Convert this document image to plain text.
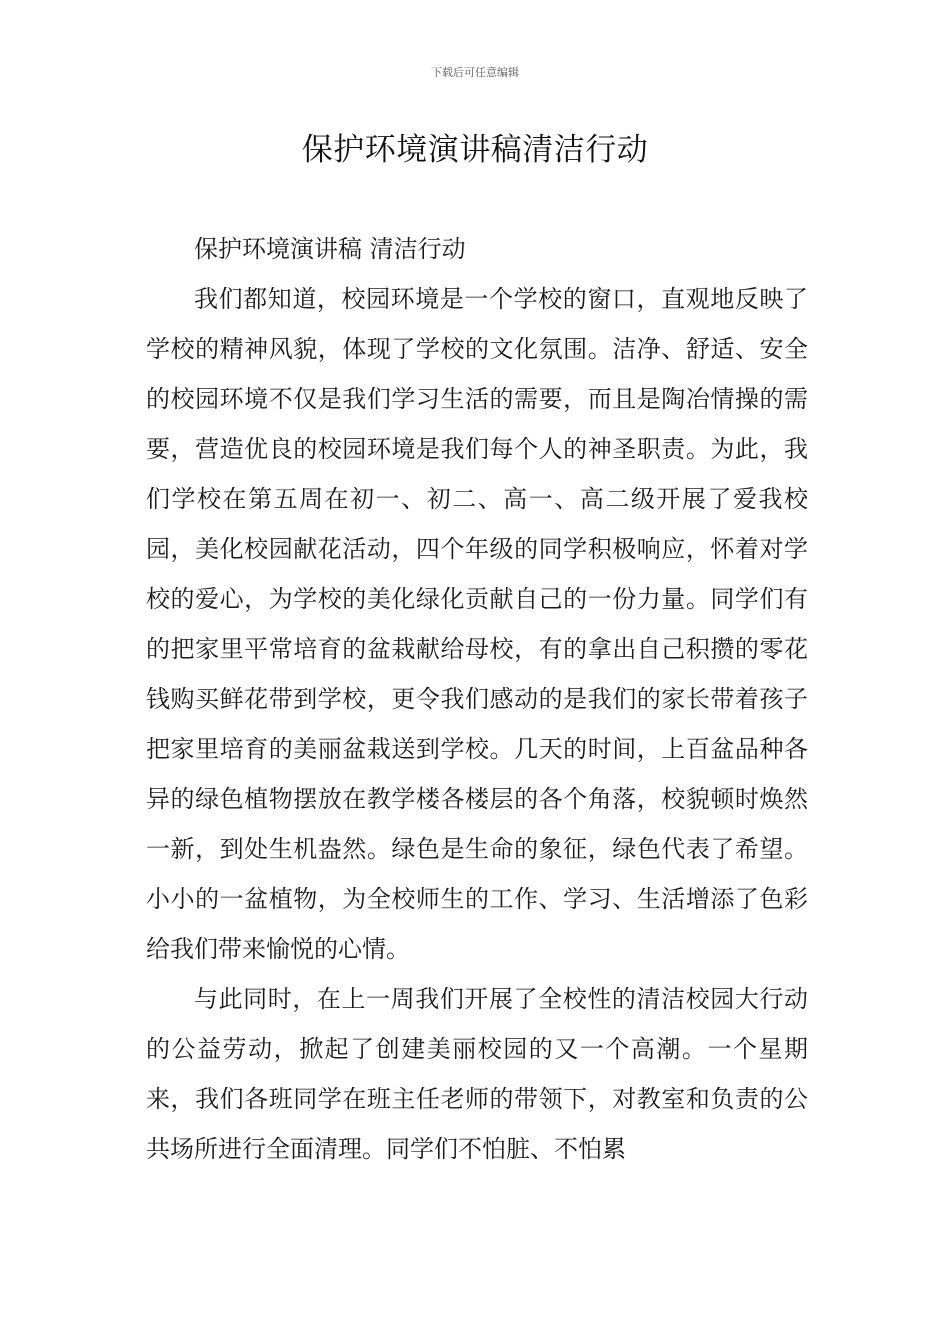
下载后可任意编辑
保护环境演讲稿清洁行动

保护环境演讲稿 清洁行动

我们都知道，校园环境是一个学校的窗口，直观地反映了学校的精神风貌，体现了学校的文化氛围。洁净、舒适、安全的校园环境不仅是我们学习生活的需要，而且是陶冶情操的需要，营造优良的校园环境是我们每个人的神圣职责。为此，我们学校在第五周在初一、初二、高一、高二级开展了爱我校园，美化校园献花活动，四个年级的同学积极响应，怀着对学校的爱心，为学校的美化绿化贡献自己的一份力量。同学们有的把家里平常培育的盆栽献给母校，有的拿出自己积攒的零花钱购买鲜花带到学校，更令我们感动的是我们的家长带着孩子把家里培育的美丽盆栽送到学校。几天的时间，上百盆品种各异的绿色植物摆放在教学楼各楼层的各个角落，校貌顿时焕然一新，到处生机盎然。绿色是生命的象征，绿色代表了希望。小小的一盆植物，为全校师生的工作、学习、生活增添了色彩给我们带来愉悦的心情。

与此同时，在上一周我们开展了全校性的清洁校园大行动 的公益劳动，掀起了创建美丽校园的又一个高潮。一个星期来，我们各班同学在班主任老师的带领下，对教室和负责的公共场所进行全面清理。同学们不怕脏、不怕累
